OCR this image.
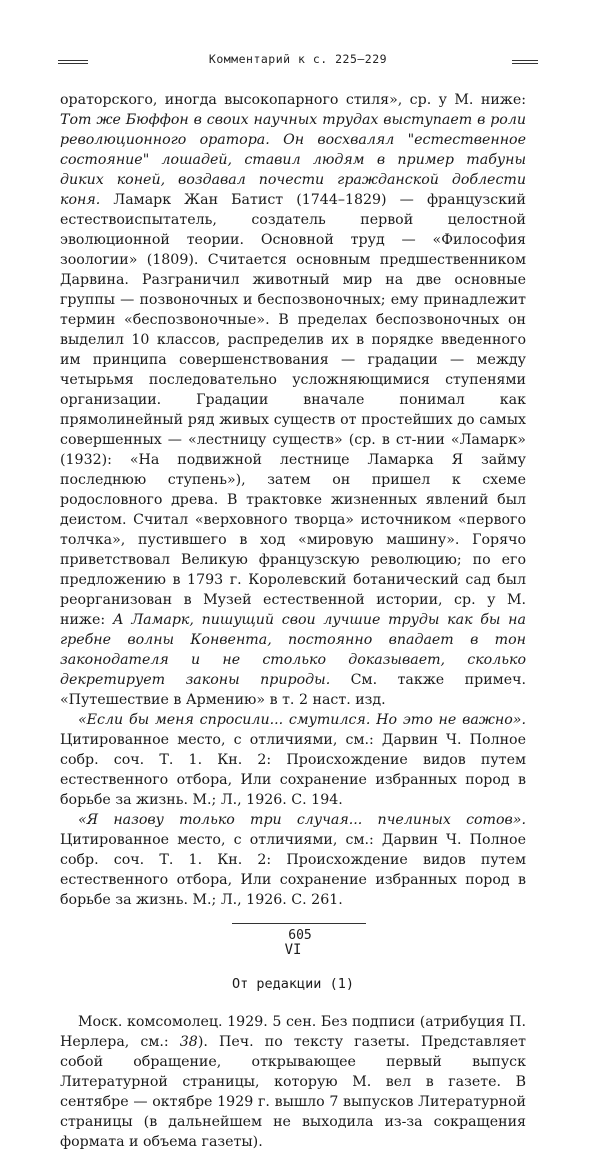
Комментарий к с. 225–229

ораторского, иногда высокопарного стиля», ср. у М. ниже: Тот же Бюффон в своих научных трудах выступает в роли революционного оратора. Он восхвалял "естественное состояние" лошадей, ставил людям в пример табуны диких коней, воздавал почести гражданской доблести коня. Ламарк Жан Батист (1744–1829) — французский естествоиспытатель, создатель первой целостной эволюционной теории. Основной труд — «Философия зоологии» (1809). Считается основным предшественником Дарвина. Разграничил животный мир на две основные группы — позвоночных и беспозвоночных; ему принадлежит термин «беспозвоночные». В пределах беспозвоночных он выделил 10 классов, распределив их в порядке введенного им принципа совершенствования — градации — между четырьмя последовательно усложняющимися ступенями организации. Градации вначале понимал как прямолинейный ряд живых существ от простейших до самых совершенных — «лестницу существ» (ср. в ст-нии «Ламарк» (1932): «На подвижной лестнице Ламарка Я займу последнюю ступень»), затем он пришел к схеме родословного древа. В трактовке жизненных явлений был деистом. Считал «верховного творца» источником «первого толчка», пустившего в ход «мировую машину». Горячо приветствовал Великую французскую революцию; по его предложению в 1793 г. Королевский ботанический сад был реорганизован в Музей естественной истории, ср. у М. ниже: А Ламарк, пишущий свои лучшие труды как бы на гребне волны Конвента, постоянно впадает в тон законодателя и не столько доказывает, сколько декретирует законы природы. См. также примеч. «Путешествие в Армению» в т. 2 наст. изд.

«Если бы меня спросили... смутился. Но это не важно». Цитированное место, с отличиями, см.: Дарвин Ч. Полное собр. соч. Т. 1. Кн. 2: Происхождение видов путем естественного отбора, Или сохранение избранных пород в борьбе за жизнь. М.; Л., 1926. С. 194.

«Я назову только три случая... пчелиных сотов». Цитированное место, с отличиями, см.: Дарвин Ч. Полное собр. соч. Т. 1. Кн. 2: Происхождение видов путем естественного отбора, Или сохранение избранных пород в борьбе за жизнь. М.; Л., 1926. С. 261.

VI
От редакции (1)

Моск. комсомолец. 1929. 5 сен. Без подписи (атрибуция П. Нерлера, см.: 38). Печ. по тексту газеты. Представляет собой обращение, открывающее первый выпуск Литературной страницы, которую М. вел в газете. В сентябре — октябре 1929 г. вышло 7 выпусков Литературной страницы (в дальнейшем не выходила из-за сокращения формата и объема газеты).

605
